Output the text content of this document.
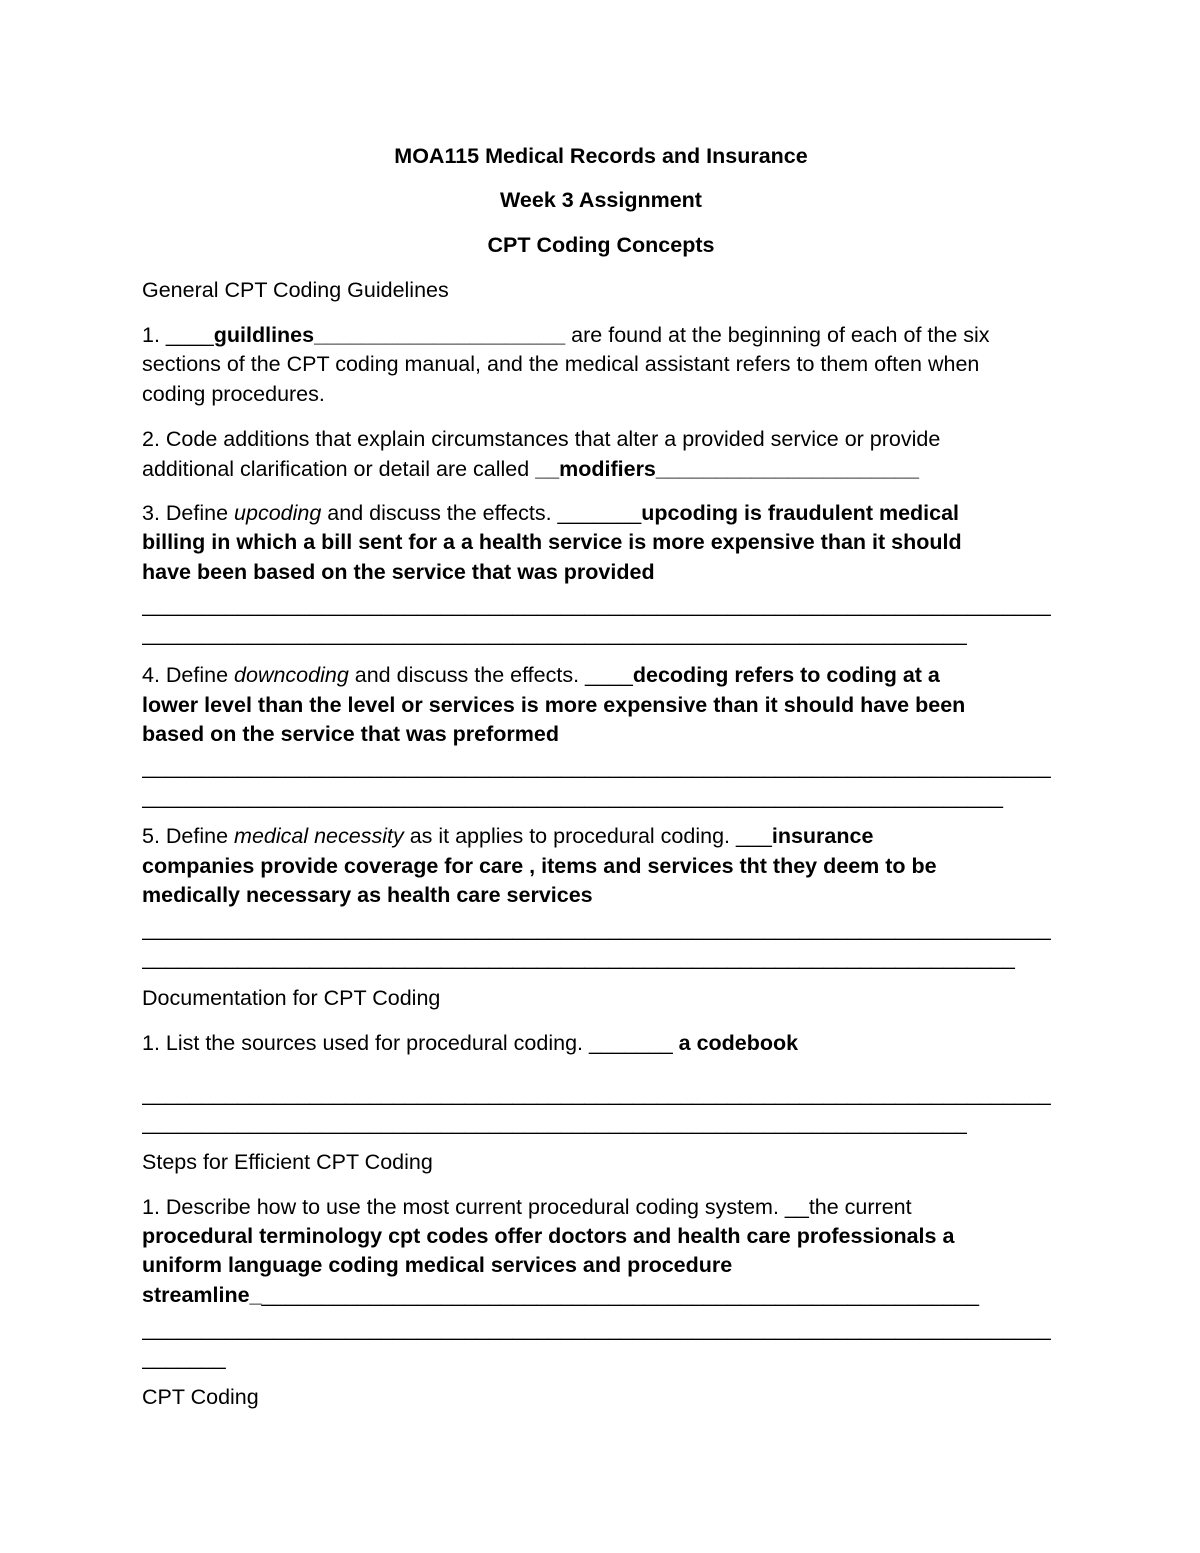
MOA115 Medical Records and Insurance
Week 3 Assignment
CPT Coding Concepts
General CPT Coding Guidelines
1. ____guildlines_____________________ are found at the beginning of each of the six
sections of the CPT coding manual, and the medical assistant refers to them often when
coding procedures.
2. Code additions that explain circumstances that alter a provided service or provide
additional clarification or detail are called __modifiers______________________
3. Define upcoding and discuss the effects. _______upcoding is fraudulent medical
billing in which a bill sent for a a health service is more expensive than it should
have been based on the service that was provided
____________________________________________________________________________
_____________________________________________________________________
4. Define downcoding and discuss the effects. ____decoding refers to coding at a
lower level than the level or services is more expensive than it should have been
based on the service that was preformed
____________________________________________________________________________
________________________________________________________________________
5. Define medical necessity as it applies to procedural coding. ___insurance
companies provide coverage for care , items and services tht they deem to be
medically necessary as health care services
____________________________________________________________________________
_________________________________________________________________________
Documentation for CPT Coding
1. List the sources used for procedural coding. _______ a codebook
____________________________________________________________________________
_____________________________________________________________________
Steps for Efficient CPT Coding
1. Describe how to use the most current procedural coding system. __the current
procedural terminology cpt codes offer doctors and health care professionals a
uniform language coding medical services and procedure
streamline_____________________________________________________________
____________________________________________________________________________
_______
CPT Coding
